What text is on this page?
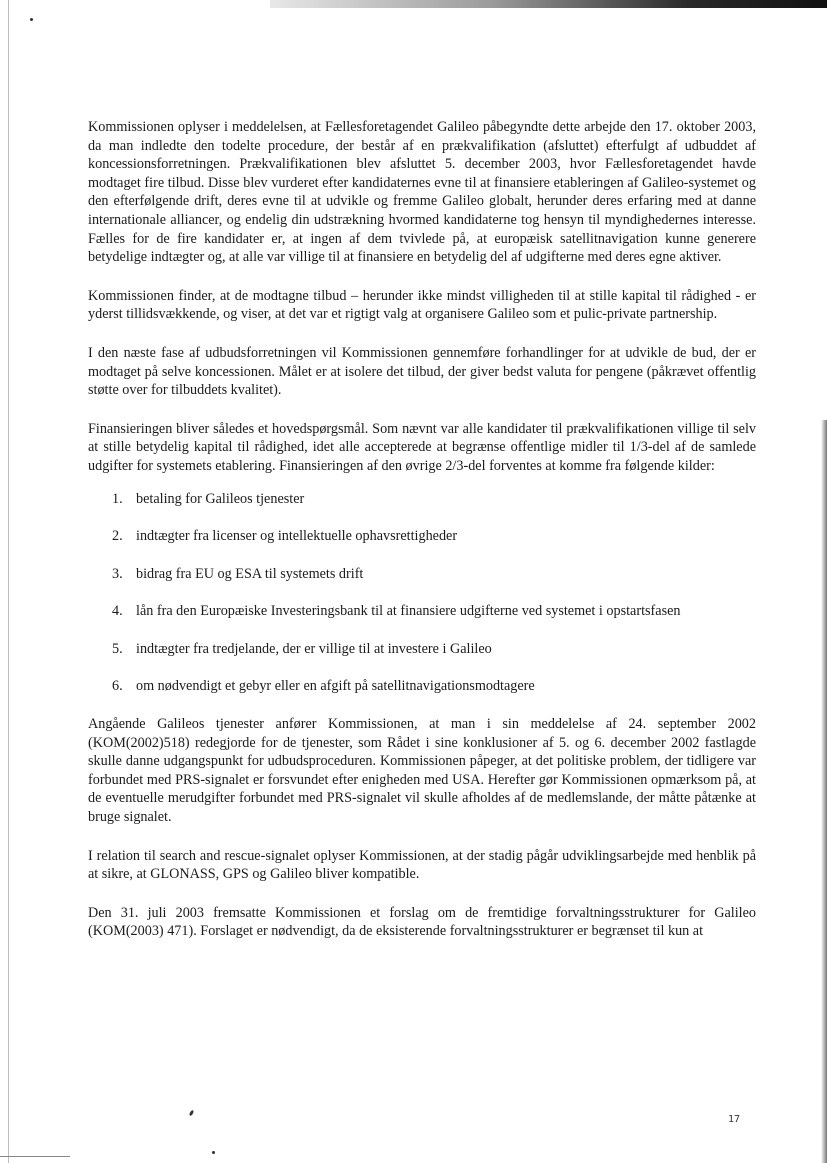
Kommissionen oplyser i meddelelsen, at Fællesforetagendet Galileo påbegyndte dette arbejde den 17. oktober 2003, da man indledte den todelte procedure, der består af en prækvalifikation (afsluttet) efterfulgt af udbuddet af koncessionsforretningen. Prækvalifikationen blev afsluttet 5. december 2003, hvor Fællesforetagendet havde modtaget fire tilbud. Disse blev vurderet efter kandidaternes evne til at finansiere etableringen af Galileo-systemet og den efterfølgende drift, deres evne til at udvikle og fremme Galileo globalt, herunder deres erfaring med at danne internationale alliancer, og endelig din udstrækning hvormed kandidaterne tog hensyn til myndighedernes interesse. Fælles for de fire kandidater er, at ingen af dem tvivlede på, at europæisk satellitnavigation kunne generere betydelige indtægter og, at alle var villige til at finansiere en betydelig del af udgifterne med deres egne aktiver.

Kommissionen finder, at de modtagne tilbud – herunder ikke mindst villigheden til at stille kapital til rådighed - er yderst tillidsvækkende, og viser, at det var et rigtigt valg at organisere Galileo som et pulic-private partnership.

I den næste fase af udbudsforretningen vil Kommissionen gennemføre forhandlinger for at udvikle de bud, der er modtaget på selve koncessionen. Målet er at isolere det tilbud, der giver bedst valuta for pengene (påkrævet offentlig støtte over for tilbuddets kvalitet).

Finansieringen bliver således et hovedspørgsmål. Som nævnt var alle kandidater til prækvalifikationen villige til selv at stille betydelig kapital til rådighed, idet alle accepterede at begrænse offentlige midler til 1/3-del af de samlede udgifter for systemets etablering. Finansieringen af den øvrige 2/3-del forventes at komme fra følgende kilder:

1. betaling for Galileos tjenester
2. indtægter fra licenser og intellektuelle ophavsrettigheder
3. bidrag fra EU og ESA til systemets drift
4. lån fra den Europæiske Investeringsbank til at finansiere udgifterne ved systemet i opstartsfasen
5. indtægter fra tredjelande, der er villige til at investere i Galileo
6. om nødvendigt et gebyr eller en afgift på satellitnavigationsmodtagere

Angående Galileos tjenester anfører Kommissionen, at man i sin meddelelse af 24. september 2002 (KOM(2002)518) redegjorde for de tjenester, som Rådet i sine konklusioner af 5. og 6. december 2002 fastlagde skulle danne udgangspunkt for udbudsproceduren. Kommissionen påpeger, at det politiske problem, der tidligere var forbundet med PRS-signalet er forsvundet efter enigheden med USA. Herefter gør Kommissionen opmærksom på, at de eventuelle merudgifter forbundet med PRS-signalet vil skulle afholdes af de medlemslande, der måtte påtænke at bruge signalet.

I relation til search and rescue-signalet oplyser Kommissionen, at der stadig pågår udviklingsarbejde med henblik på at sikre, at GLONASS, GPS og Galileo bliver kompatible.

Den 31. juli 2003 fremsatte Kommissionen et forslag om de fremtidige forvaltningsstrukturer for Galileo (KOM(2003) 471). Forslaget er nødvendigt, da de eksisterende forvaltningsstrukturer er begrænset til kun at

17
